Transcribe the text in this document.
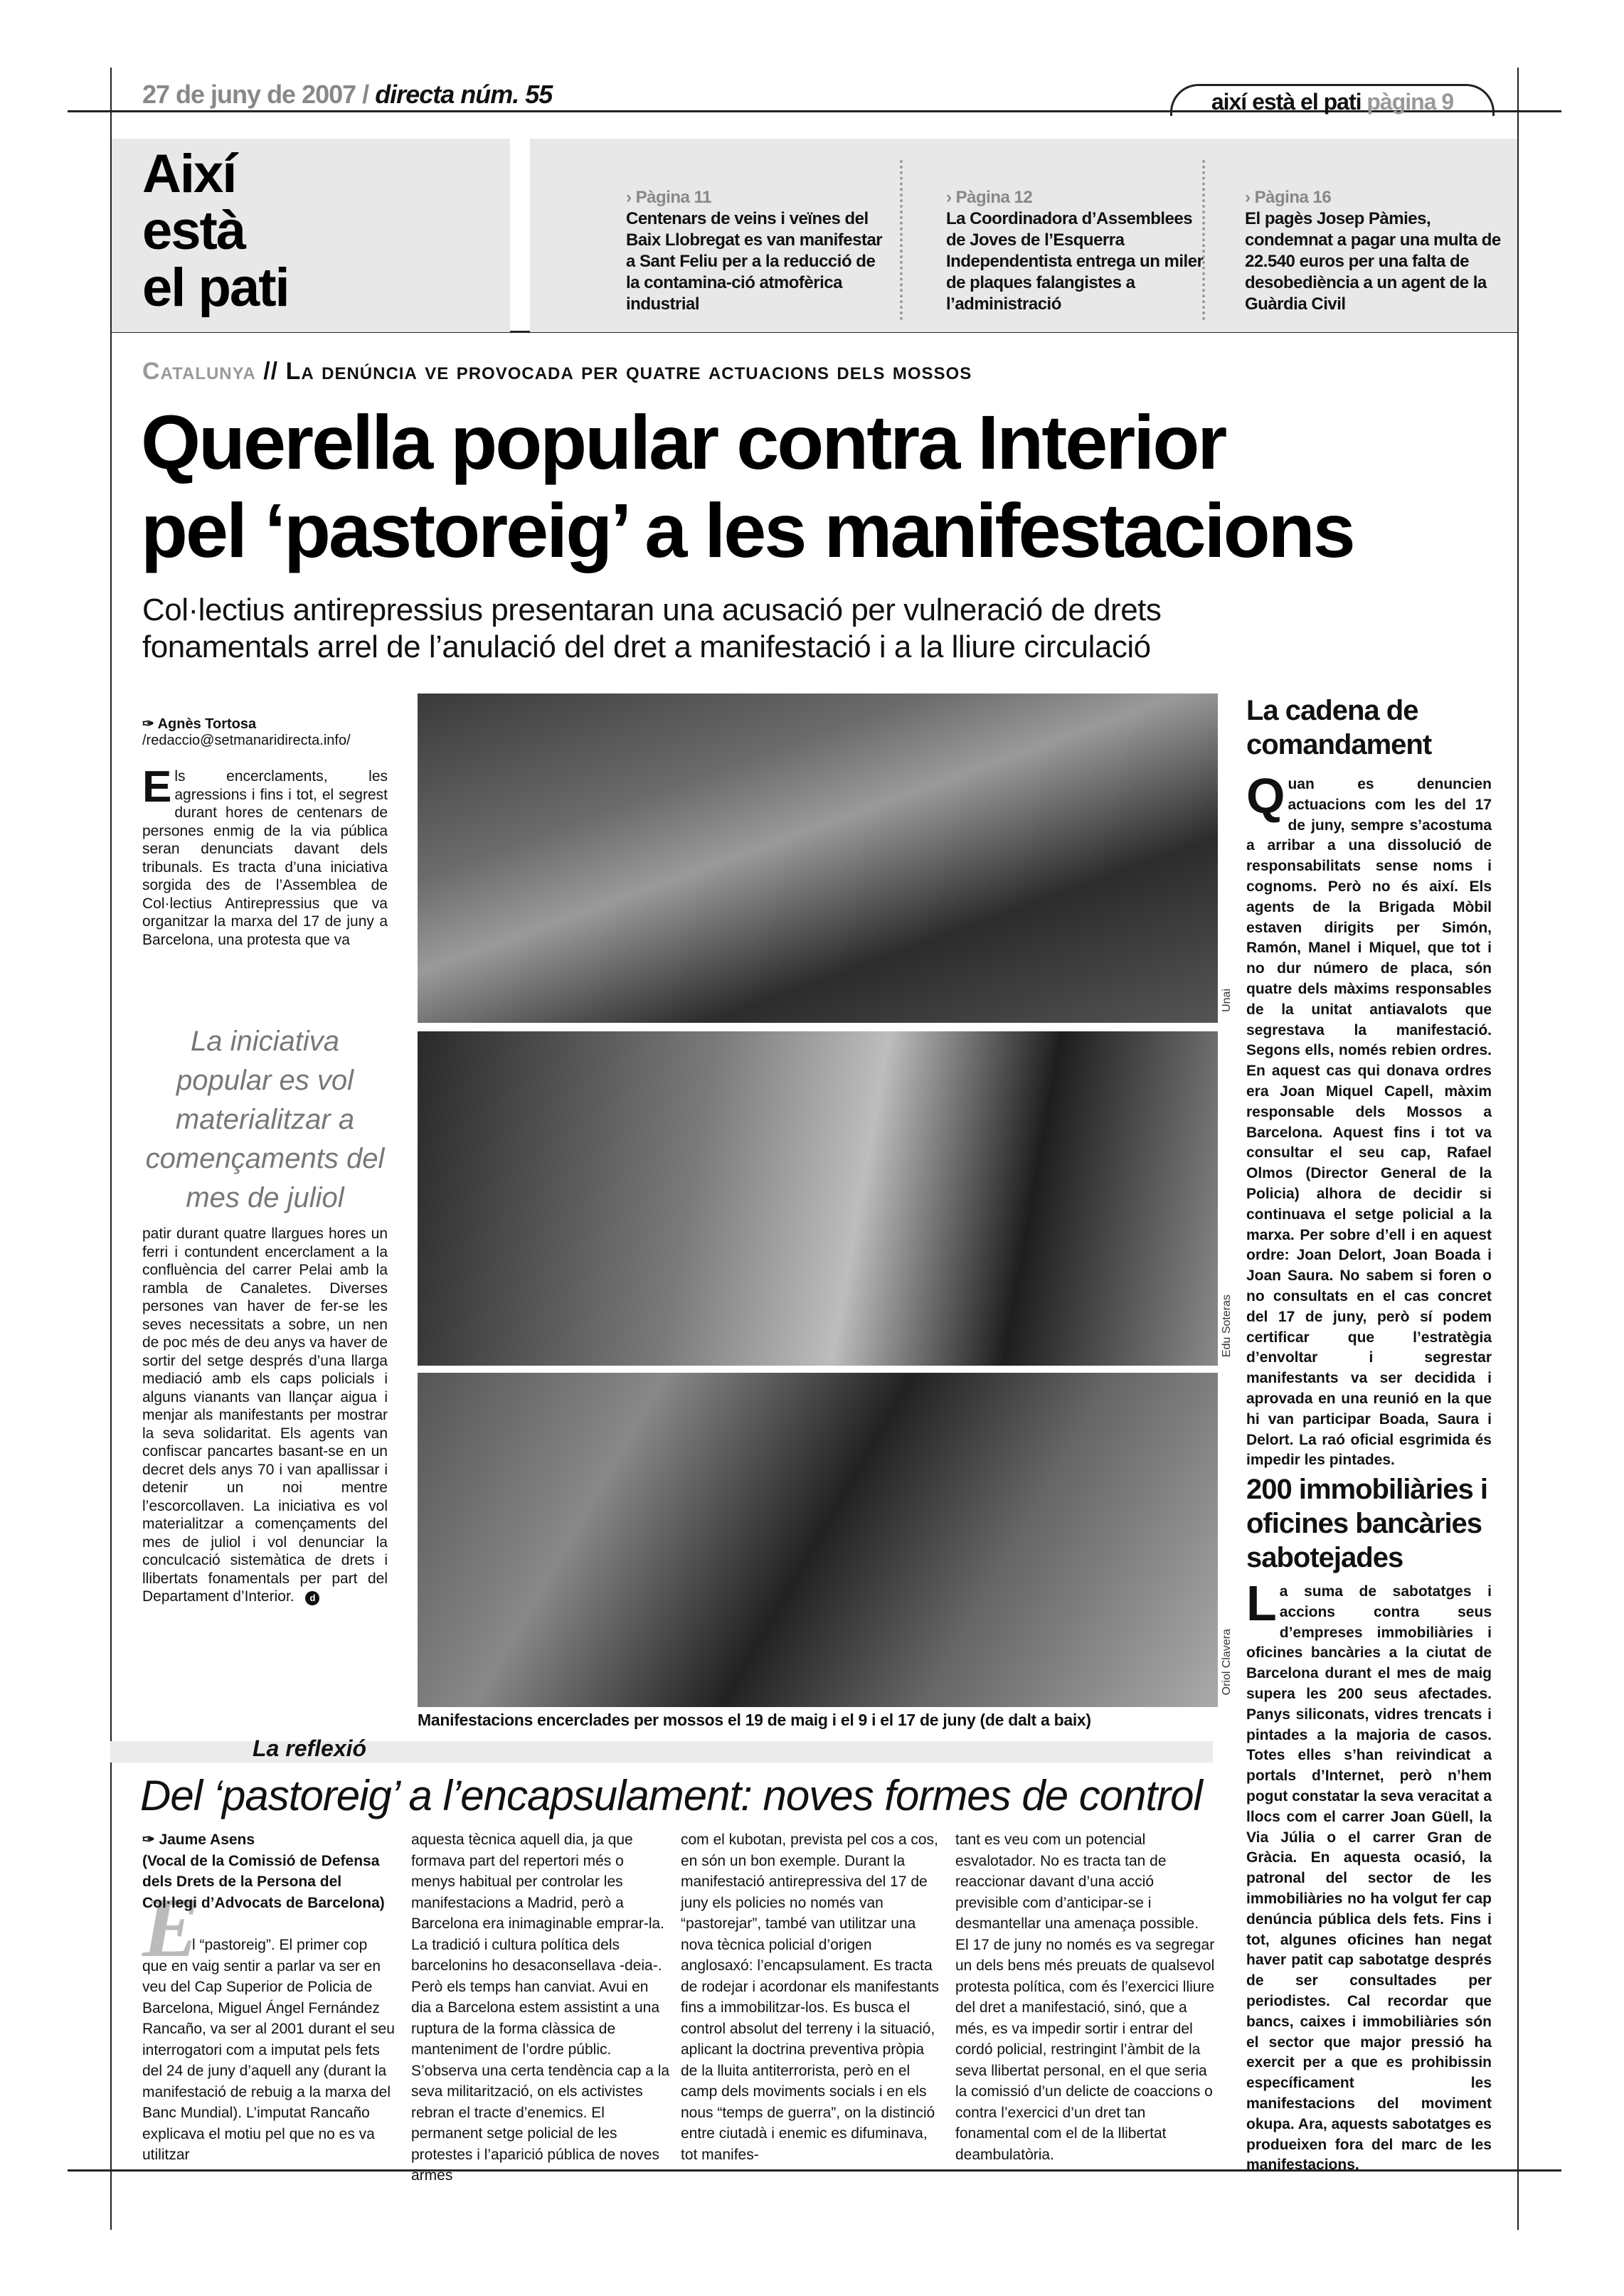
27 de juny de 2007 / directa núm. 55	així està el pati pàgina 9
Així
està
el pati
› Pàgina 11
Centenars de veins i veïnes del Baix Llobregat es van manifestar a Sant Feliu per a la reducció de la contamina-ció atmofèrica industrial
› Pàgina 12
La Coordinadora d’Assemblees de Joves de l’Esquerra Independentista entrega un miler de plaques falangistes a l’administració
› Pàgina 16
El pagès Josep Pàmies, condemnat a pagar una multa de 22.540 euros per una falta de desobediència a un agent de la Guàrdia Civil
Catalunya // La denúncia ve provocada per quatre actuacions dels mossos
Querella popular contra Interior
pel ‘pastoreig’ a les manifestacions
Col·lectius antirepressius presentaran una acusació per vulneració de drets
fonamentals arrel de l’anulació del dret a manifestació i a la lliure circulació
✑ Agnès Tortosa
/redaccio@setmanaridirecta.info/
Els encerclaments, les agressions i fins i tot, el segrest durant hores de centenars de persones enmig de la via pública seran denunciats davant dels tribunals. Es tracta d’una iniciativa sorgida des de l’Assemblea de Col·lectius Antirepressius que va organitzar la marxa del 17 de juny a Barcelona, una protesta que va
La iniciativa popular es vol materialitzar a començaments del mes de juliol
patir durant quatre llargues hores un ferri i contundent encerclament a la confluència del carrer Pelai amb la rambla de Canaletes. Diverses persones van haver de fer-se les seves necessitats a sobre, un nen de poc més de deu anys va haver de sortir del setge després d’una llarga mediació amb els caps policials i alguns vianants van llançar aigua i menjar als manifestants per mostrar la seva solidaritat. Els agents van confiscar pancartes basant-se en un decret dels anys 70 i van apallissar i detenir un noi mentre l’escorcollaven. La iniciativa es vol materialitzar a començaments del mes de juliol i vol denunciar la conculcació sistemàtica de drets i llibertats fonamentals per part del Departament d’Interior. d
Unai
Edu Soteras
Oriol Clavera
Manifestacions encerclades per mossos el 19 de maig i el 9 i el 17 de juny (de dalt a baix)
La cadena de comandament
Quan es denuncien actuacions com les del 17 de juny, sempre s’acostuma a arribar a una dissolució de responsabilitats sense noms i cognoms. Però no és així. Els agents de la Brigada Mòbil estaven dirigits per Simón, Ramón, Manel i Miquel, que tot i no dur número de placa, són quatre dels màxims responsables de la unitat antiavalots que segrestava la manifestació. Segons ells, només rebien ordres. En aquest cas qui donava ordres era Joan Miquel Capell, màxim responsable dels Mossos a Barcelona. Aquest fins i tot va consultar el seu cap, Rafael Olmos (Director General de la Policia) alhora de decidir si continuava el setge policial a la marxa. Per sobre d’ell i en aquest ordre: Joan Delort, Joan Boada i Joan Saura. No sabem si foren o no consultats en el cas concret del 17 de juny, però sí podem certificar que l’estratègia d’envoltar i segrestar manifestants va ser decidida i aprovada en una reunió en la que hi van participar Boada, Saura i Delort. La raó oficial esgrimida és impedir les pintades.
200 immobiliàries i oficines bancàries sabotejades
La suma de sabotatges i accions contra seus d’empreses immobiliàries i oficines bancàries a la ciutat de Barcelona durant el mes de maig supera les 200 seus afectades. Panys siliconats, vidres trencats i pintades a la majoria de casos. Totes elles s’han reivindicat a portals d’Internet, però n’hem pogut constatar la seva veracitat a llocs com el carrer Joan Güell, la Via Júlia o el carrer Gran de Gràcia. En aquesta ocasió, la patronal del sector de les immobiliàries no ha volgut fer cap denúncia pública dels fets. Fins i tot, algunes oficines han negat haver patit cap sabotatge després de ser consultades per periodistes. Cal recordar que bancs, caixes i immobiliàries són el sector que major pressió ha exercit per a que es prohibissin específicament les manifestacions del moviment okupa. Ara, aquests sabotatges es produeixen fora del marc de les manifestacions.
La reflexió
Del ‘pastoreig’ a l’encapsulament: noves formes de control
E
✑ Jaume Asens
(Vocal de la Comissió de Defensa dels Drets de la Persona del Col·legi d’Advocats de Barcelona)
l “pastoreig”. El primer cop que en vaig sentir a parlar va ser en veu del Cap Superior de Policia de Barcelona, Miguel Ángel Fernández Rancaño, va ser al 2001 durant el seu interrogatori com a imputat pels fets del 24 de juny d’aquell any (durant la manifestació de rebuig a la marxa del Banc Mundial). L’imputat Rancaño explicava el motiu pel que no es va utilitzar
aquesta tècnica aquell dia, ja que formava part del repertori més o menys habitual per controlar les manifestacions a Madrid, però a Barcelona era inimaginable emprar-la. La tradició i cultura política dels barcelonins ho desaconsellava -deia-. Però els temps han canviat. Avui en dia a Barcelona estem assistint a una ruptura de la forma clàssica de manteniment de l’ordre públic. S’observa una certa tendència cap a la seva militarització, on els activistes rebran el tracte d’enemics. El permanent setge policial de les protestes i l’aparició pública de noves armes
com el kubotan, prevista pel cos a cos, en són un bon exemple. Durant la manifestació antirepressiva del 17 de juny els policies no només van “pastorejar”, també van utilitzar una nova tècnica policial d’origen anglosaxó: l’encapsulament. Es tracta de rodejar i acordonar els manifestants fins a immobilitzar-los. Es busca el control absolut del terreny i la situació, aplicant la doctrina preventiva pròpia de la lluita antiterrorista, però en el camp dels moviments socials i en els nous “temps de guerra”, on la distinció entre ciutadà i enemic es difuminava, tot manifes-
tant es veu com un potencial esvalotador. No es tracta tan de reaccionar davant d’una acció previsible com d’anticipar-se i desmantellar una amenaça possible. El 17 de juny no només es va segregar un dels bens més preuats de qualsevol protesta política, com és l’exercici lliure del dret a manifestació, sinó, que a més, es va impedir sortir i entrar del cordó policial, restringint l’àmbit de la seva llibertat personal, en el que seria la comissió d’un delicte de coaccions o contra l’exercici d’un dret tan fonamental com el de la llibertat deambulatòria.
